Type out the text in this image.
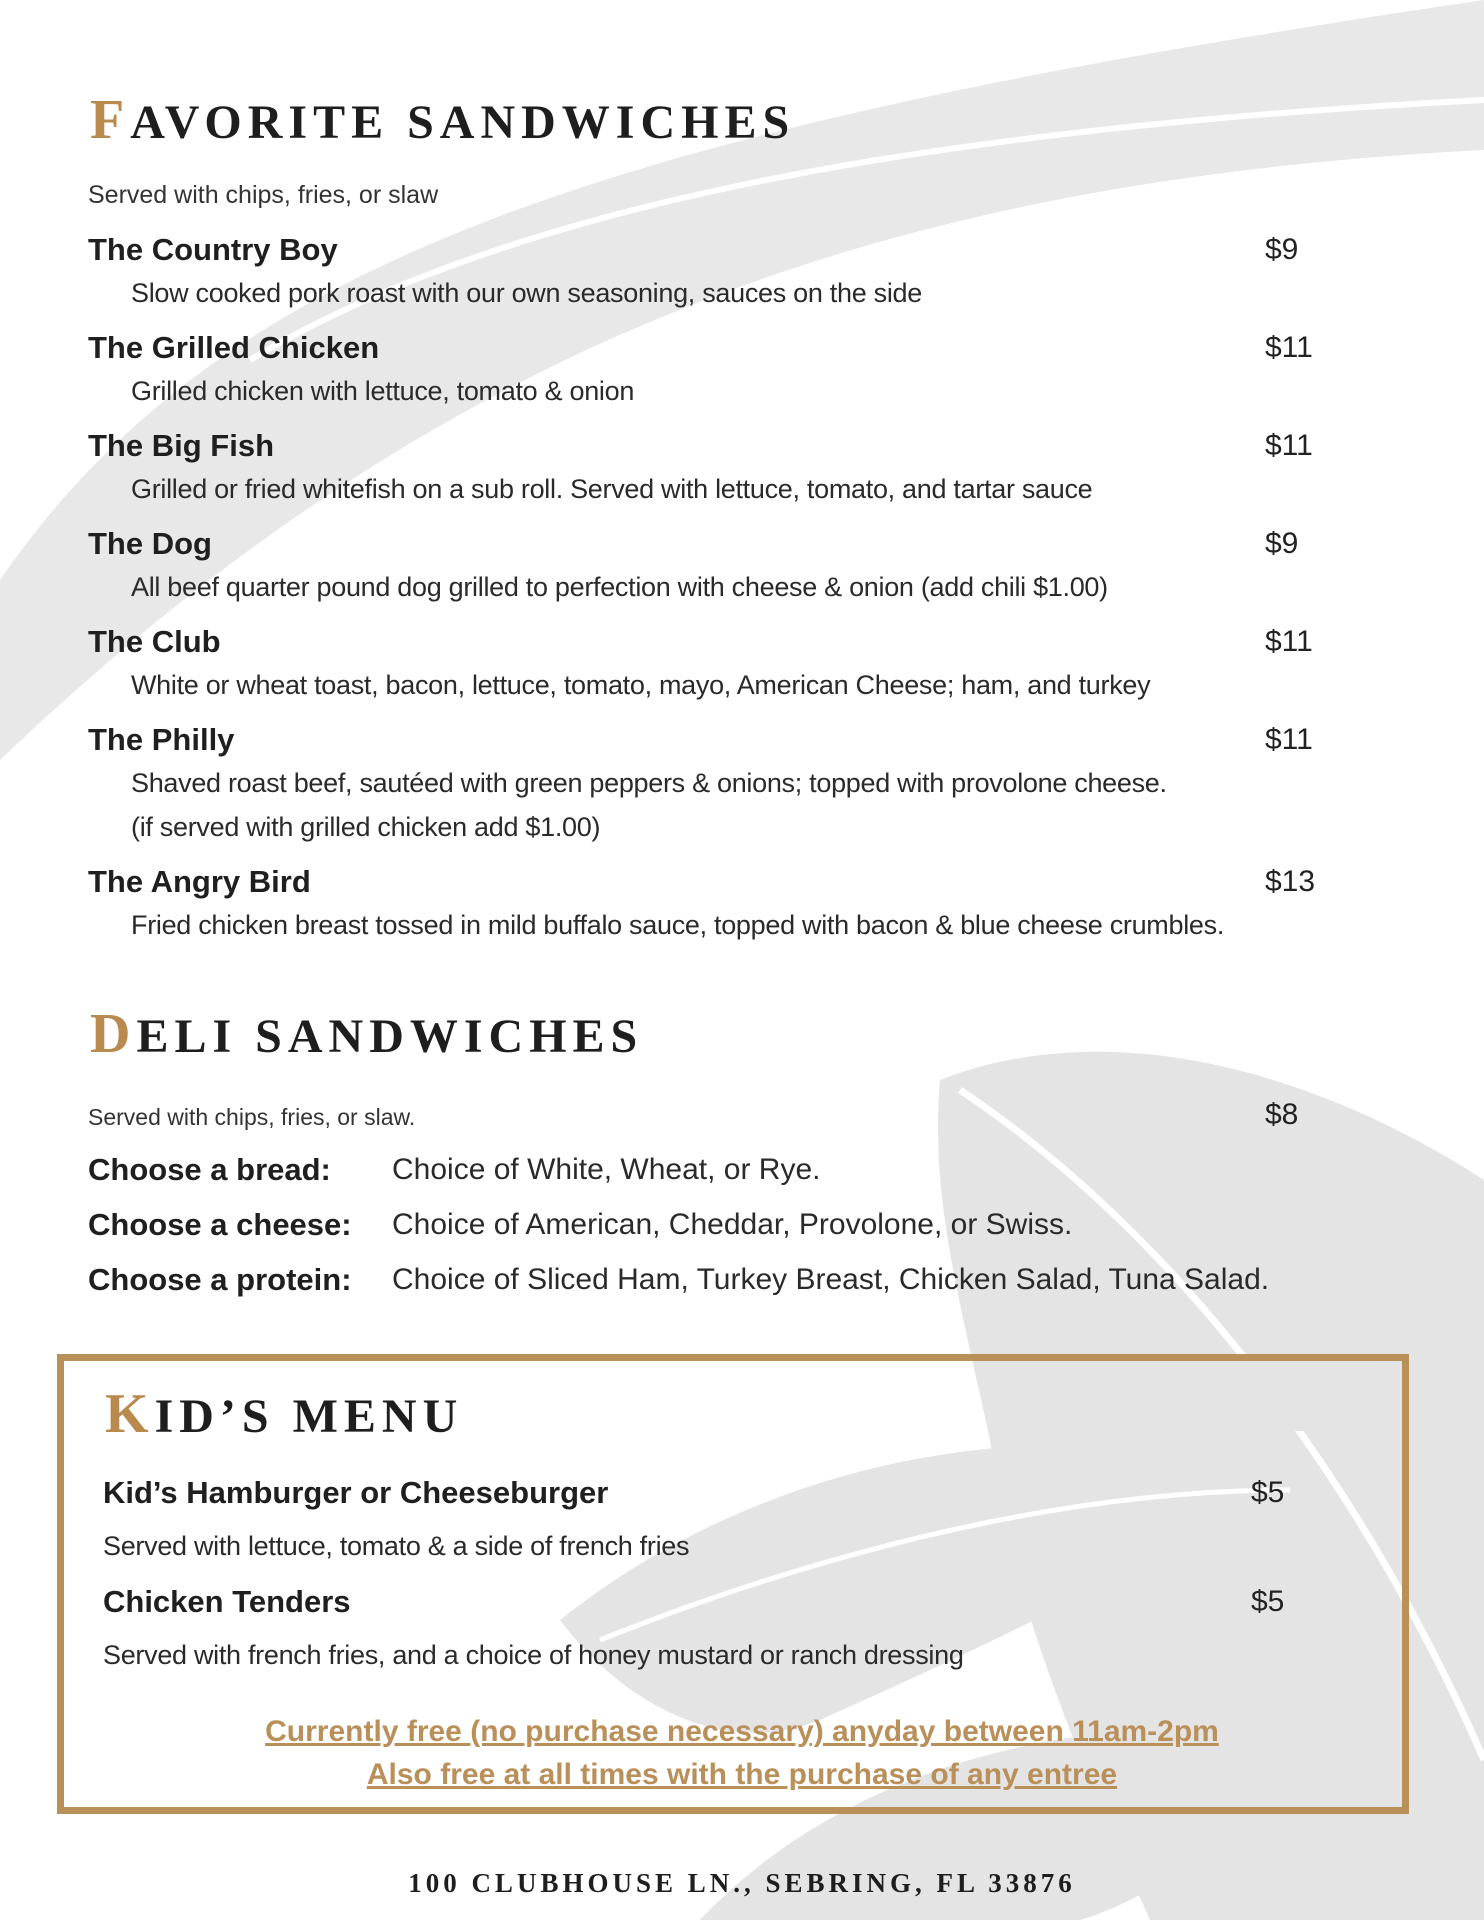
FAVORITE SANDWICHES
Served with chips, fries, or slaw
The Country Boy	$9
Slow cooked pork roast with our own seasoning, sauces on the side
The Grilled Chicken	$11
Grilled chicken with lettuce, tomato & onion
The Big Fish	$11
Grilled or fried whitefish on a sub roll. Served with lettuce, tomato, and tartar sauce
The Dog	$9
All beef quarter pound dog grilled to perfection with cheese & onion (add chili $1.00)
The Club	$11
White or wheat toast, bacon, lettuce, tomato, mayo, American Cheese; ham, and turkey
The Philly	$11
Shaved roast beef, sautéed with green peppers & onions; topped with provolone cheese.
(if served with grilled chicken add $1.00)
The Angry Bird	$13
Fried chicken breast tossed in mild buffalo sauce, topped with bacon & blue cheese crumbles.
DELI SANDWICHES
Served with chips, fries, or slaw.	$8
Choose a bread: Choice of White, Wheat, or Rye.
Choose a cheese: Choice of American, Cheddar, Provolone, or Swiss.
Choose a protein: Choice of Sliced Ham, Turkey Breast, Chicken Salad, Tuna Salad.
KID’S MENU
Kid’s Hamburger or Cheeseburger	$5
Served with lettuce, tomato & a side of french fries
Chicken Tenders	$5
Served with french fries, and a choice of honey mustard or ranch dressing
Currently free (no purchase necessary) anyday between 11am-2pm
Also free at all times with the purchase of any entree
100 CLUBHOUSE LN., SEBRING, FL 33876
